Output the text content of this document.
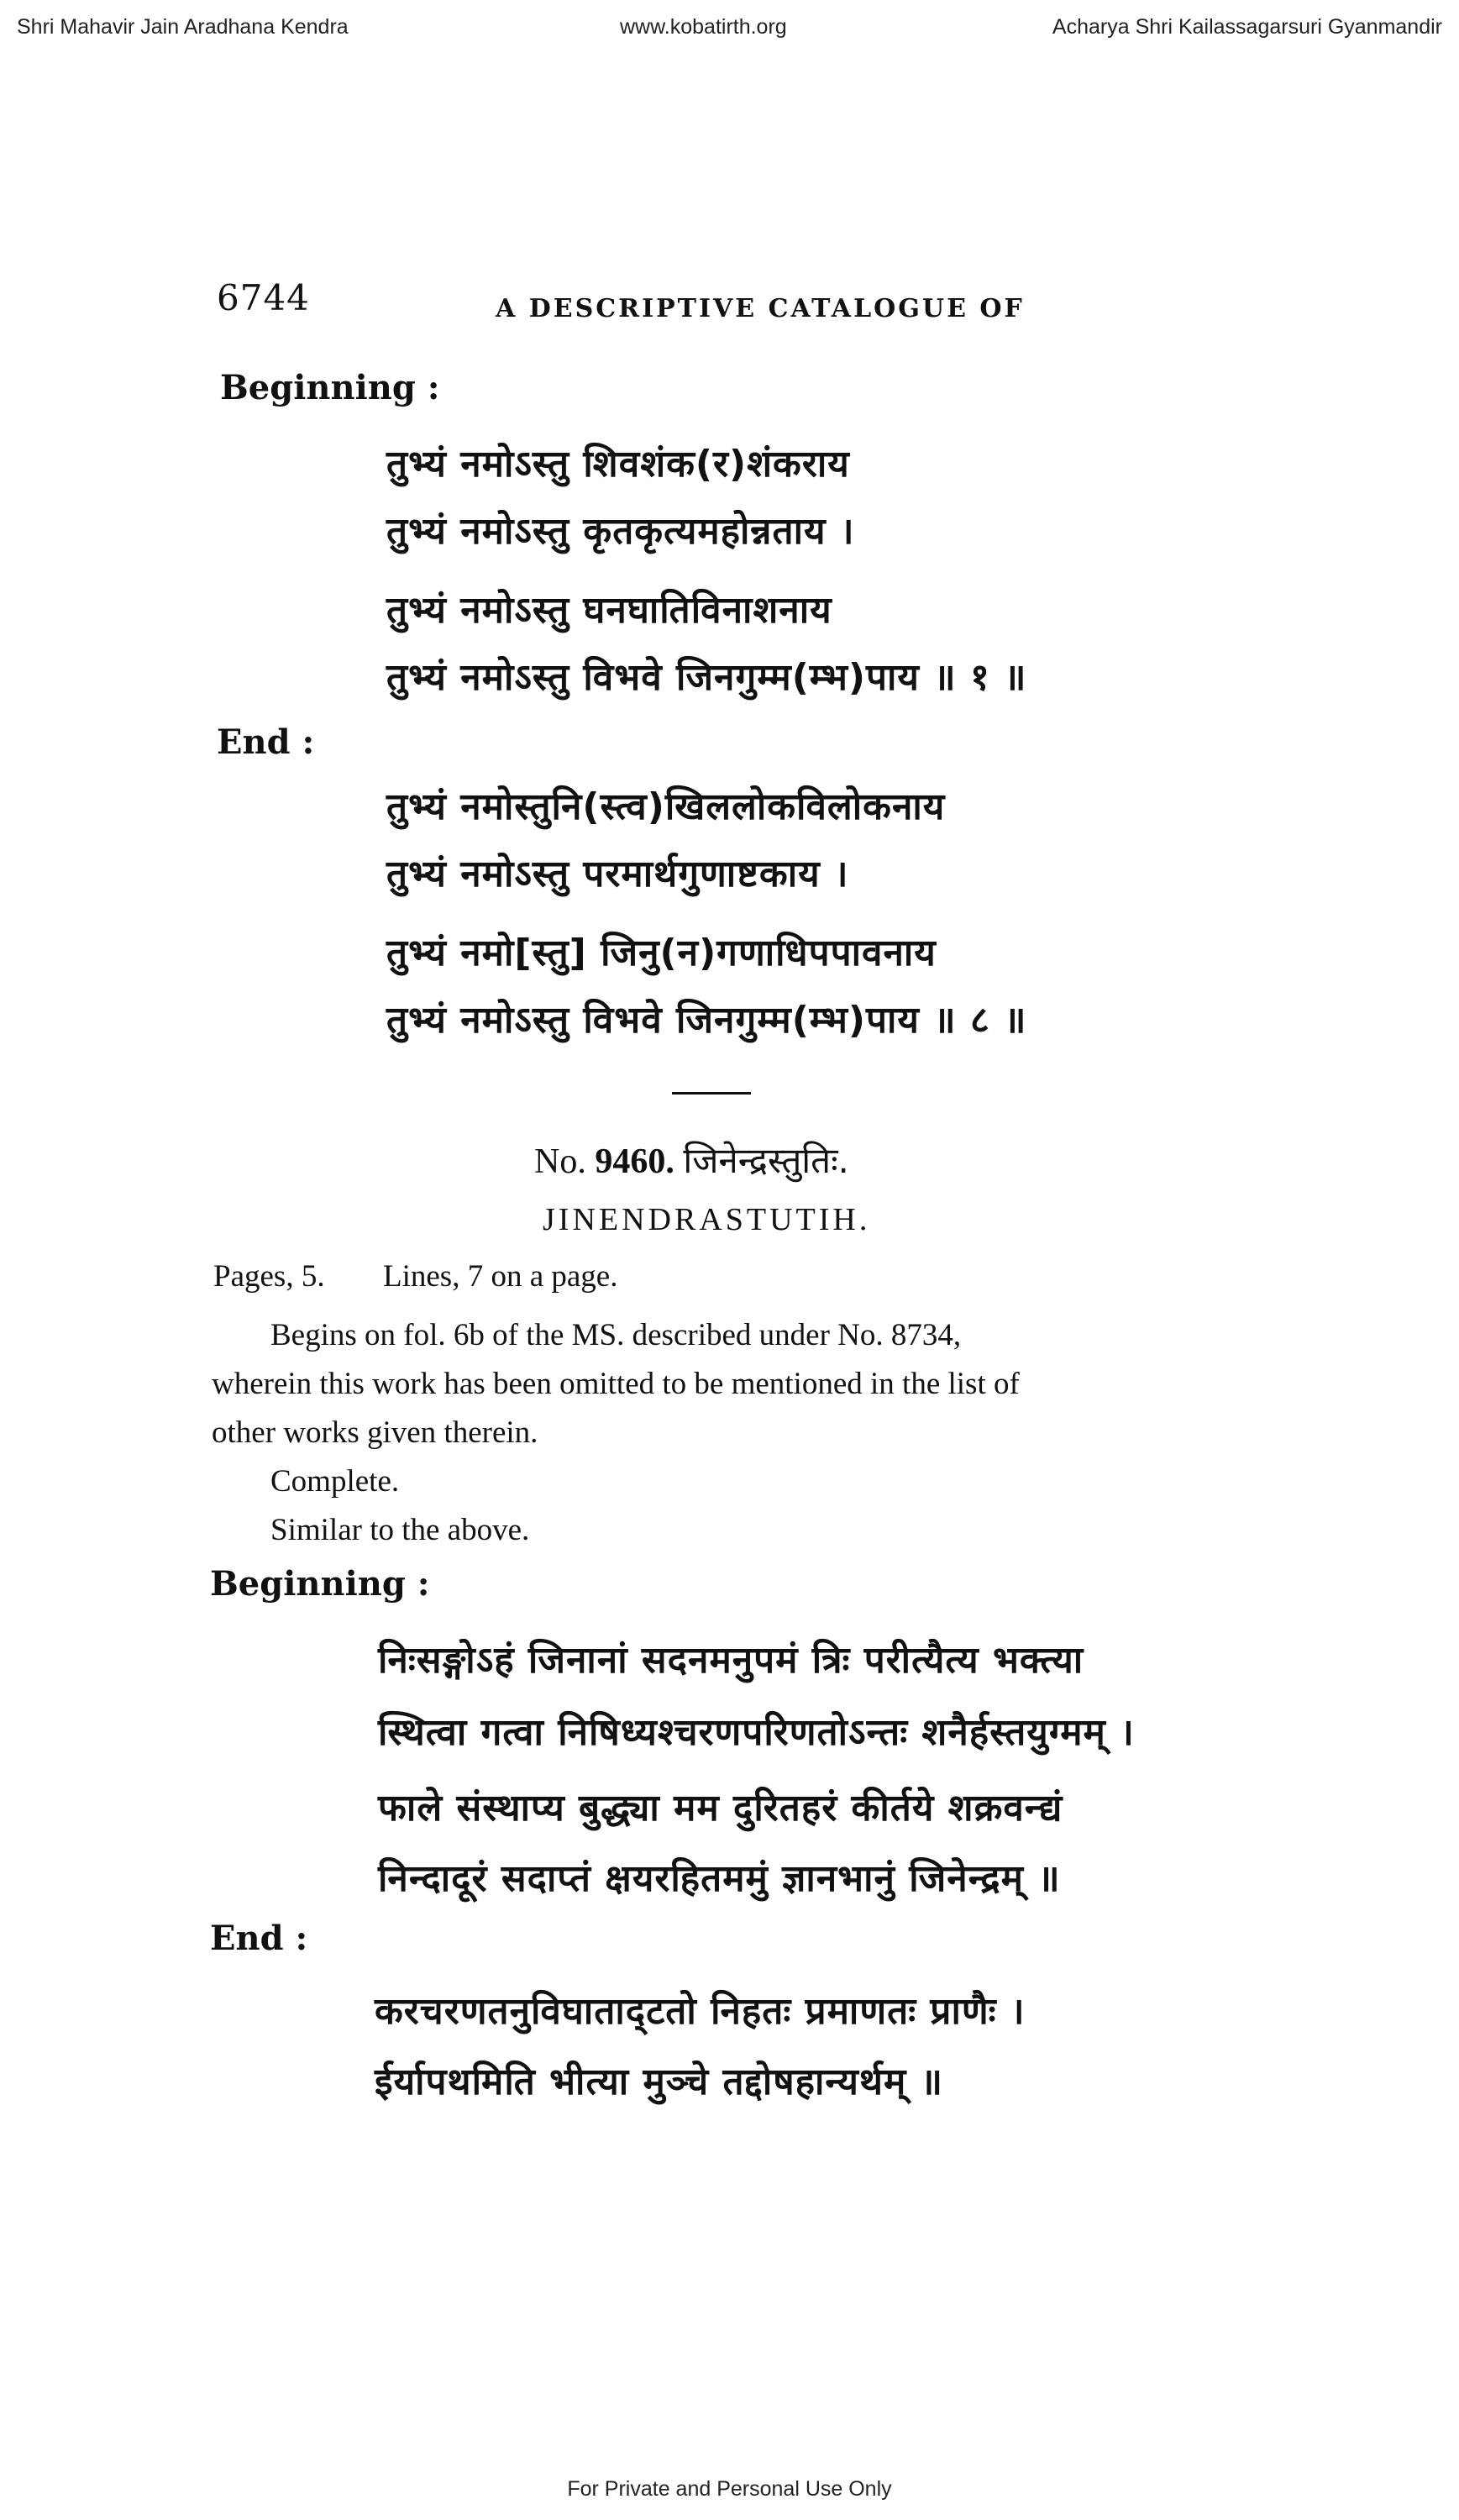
Shri Mahavir Jain Aradhana Kendra	www.kobatirth.org	Acharya Shri Kailassagarsuri Gyanmandir
6744	A DESCRIPTIVE CATALOGUE OF
Beginning :
तुभ्यं नमोऽस्तु शिवशंक(र)शंकराय
तुभ्यं नमोऽस्तु कृतकृत्यमहोन्नताय ।
तुभ्यं नमोऽस्तु घनघातिविनाशनाय
तुभ्यं नमोऽस्तु विभवे जिनगुम्म(म्भ)पाय ॥ १ ॥
End :
तुभ्यं नमोस्तुनि(स्त्व)खिललोकविलोकनाय
तुभ्यं नमोऽस्तु परमार्थगुणाष्टकाय ।
तुभ्यं नमो[स्तु] जिनु(न)गणाधिपपावनाय
तुभ्यं नमोऽस्तु विभवे जिनगुम्म(म्भ)पाय ॥ ८ ॥
No. 9460. जिनेन्द्रस्तुतिः.
JINENDRASTUTIH.
Pages, 5. Lines, 7 on a page.
Begins on fol. 6b of the MS. described under No. 8734,
wherein this work has been omitted to be mentioned in the list of
other works given therein.
Complete.
Similar to the above.
Beginning :
निःसङ्गोऽहं जिनानां सदनमनुपमं त्रिः परीत्यैत्य भक्त्या
स्थित्वा गत्वा निषिध्यश्चरणपरिणतोऽन्तः शनैर्हस्तयुग्मम् ।
फाले संस्थाप्य बुद्ध्या मम दुरितहरं कीर्तये शक्रवन्द्यं
निन्दादूरं सदाप्तं क्षयरहितममुं ज्ञानभानुं जिनेन्द्रम् ॥
End :
करचरणतनुविघाताद्टतो निहतः प्रमाणतः प्राणैः ।
ईर्यापथमिति भीत्या मुञ्चे तद्दोषहान्यर्थम् ॥
For Private and Personal Use Only
